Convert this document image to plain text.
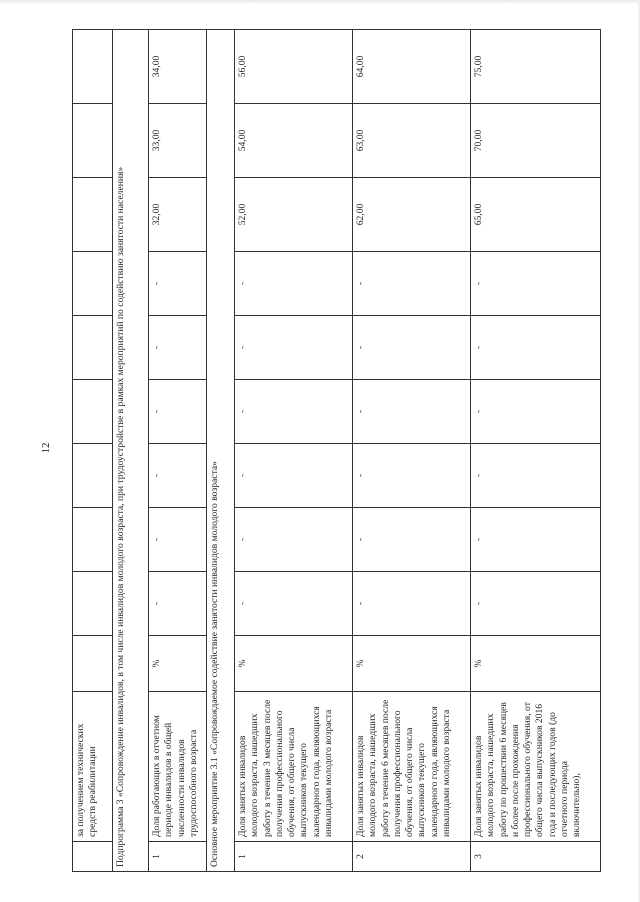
12
	за получением технических средств реабилитации										
Подпрограмма 3 «Сопровождение инвалидов, в том числе инвалидов молодого возраста, при трудоустройстве в рамках мероприятий по содействию занятости населения»											
1	Доля работающих в отчетном периоде инвалидов в общей численности инвалидов трудоспособного возраста	%	-	-	-	-	-	-	32,00	33,00	34,00
Основное мероприятие 3.1 «Сопровождаемое содействие занятости инвалидов молодого возраста»											
1	Доля занятых инвалидов молодого возраста, нашедших работу в течение 3 месяцев после получения профессионального обучения, от общего числа выпускников текущего календарного года, являющихся инвалидами молодого возраста	%	-	-	-	-	-	-	52,00	54,00	56,00
2	Доля занятых инвалидов молодого возраста, нашедших работу в течение 6 месяцев после получения профессионального обучения, от общего числа выпускников текущего календарного года, являющихся инвалидами молодого возраста	%	-	-	-	-	-	-	62,00	63,00	64,00
3	Доля занятых инвалидов молодого возраста, нашедших работу по прошествии 6 месяцев и более после прохождения профессионального обучения, от общего числа выпускников 2016 года и последующих годов (до отчетного периода включительно),	%	-	-	-	-	-	-	65,00	70,00	75,00
